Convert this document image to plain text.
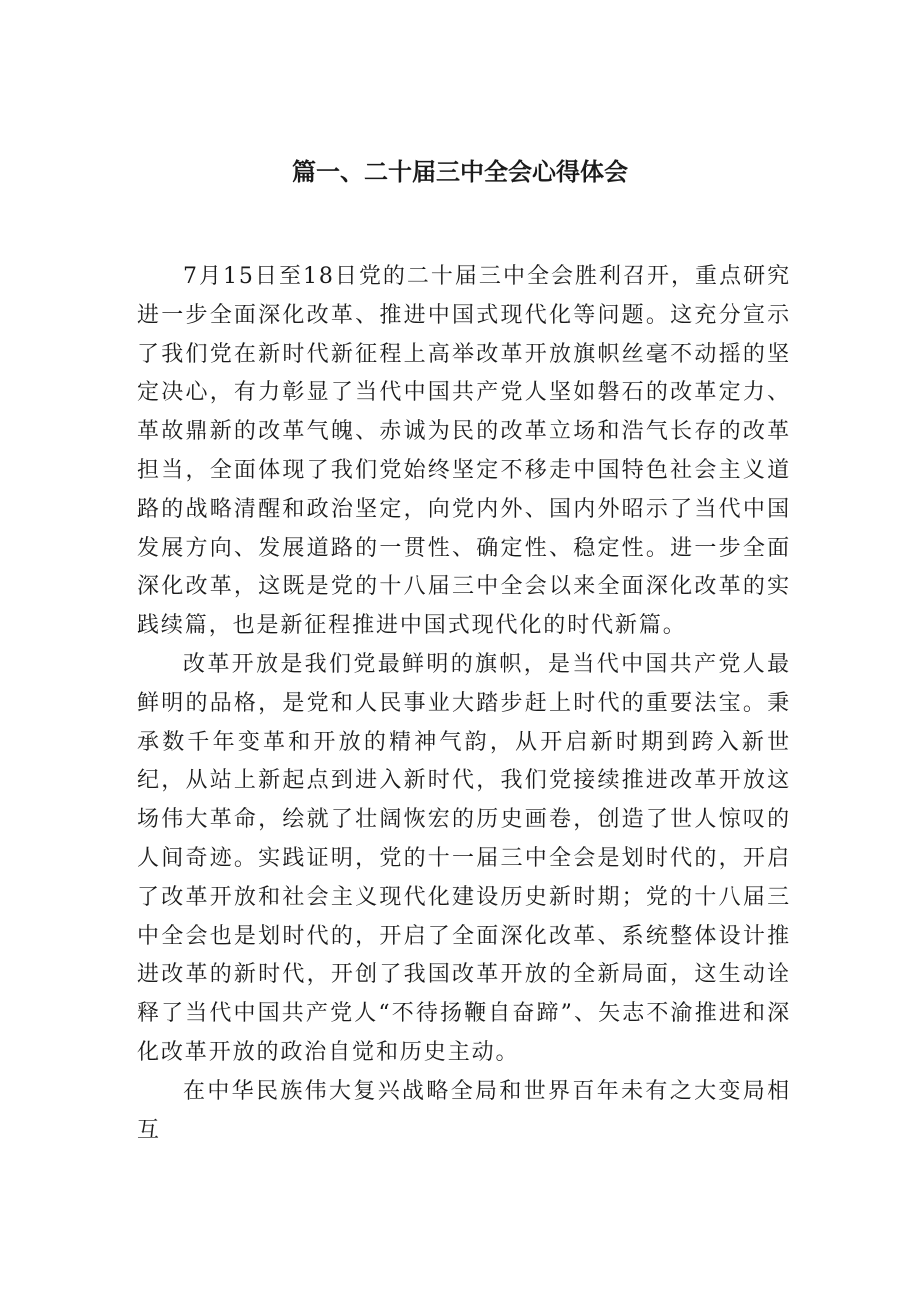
篇一、二十届三中全会心得体会

7月15日至18日党的二十届三中全会胜利召开，重点研究进一步全面深化改革、推进中国式现代化等问题。这充分宣示了我们党在新时代新征程上高举改革开放旗帜丝毫不动摇的坚定决心，有力彰显了当代中国共产党人坚如磐石的改革定力、革故鼎新的改革气魄、赤诚为民的改革立场和浩气长存的改革担当，全面体现了我们党始终坚定不移走中国特色社会主义道路的战略清醒和政治坚定，向党内外、国内外昭示了当代中国发展方向、发展道路的一贯性、确定性、稳定性。进一步全面深化改革，这既是党的十八届三中全会以来全面深化改革的实践续篇，也是新征程推进中国式现代化的时代新篇。

改革开放是我们党最鲜明的旗帜，是当代中国共产党人最鲜明的品格，是党和人民事业大踏步赶上时代的重要法宝。秉承数千年变革和开放的精神气韵，从开启新时期到跨入新世纪，从站上新起点到进入新时代，我们党接续推进改革开放这场伟大革命，绘就了壮阔恢宏的历史画卷，创造了世人惊叹的人间奇迹。实践证明，党的十一届三中全会是划时代的，开启了改革开放和社会主义现代化建设历史新时期；党的十八届三中全会也是划时代的，开启了全面深化改革、系统整体设计推进改革的新时代，开创了我国改革开放的全新局面，这生动诠释了当代中国共产党人“不待扬鞭自奋蹄”、矢志不渝推进和深化改革开放的政治自觉和历史主动。

在中华民族伟大复兴战略全局和世界百年未有之大变局相互
